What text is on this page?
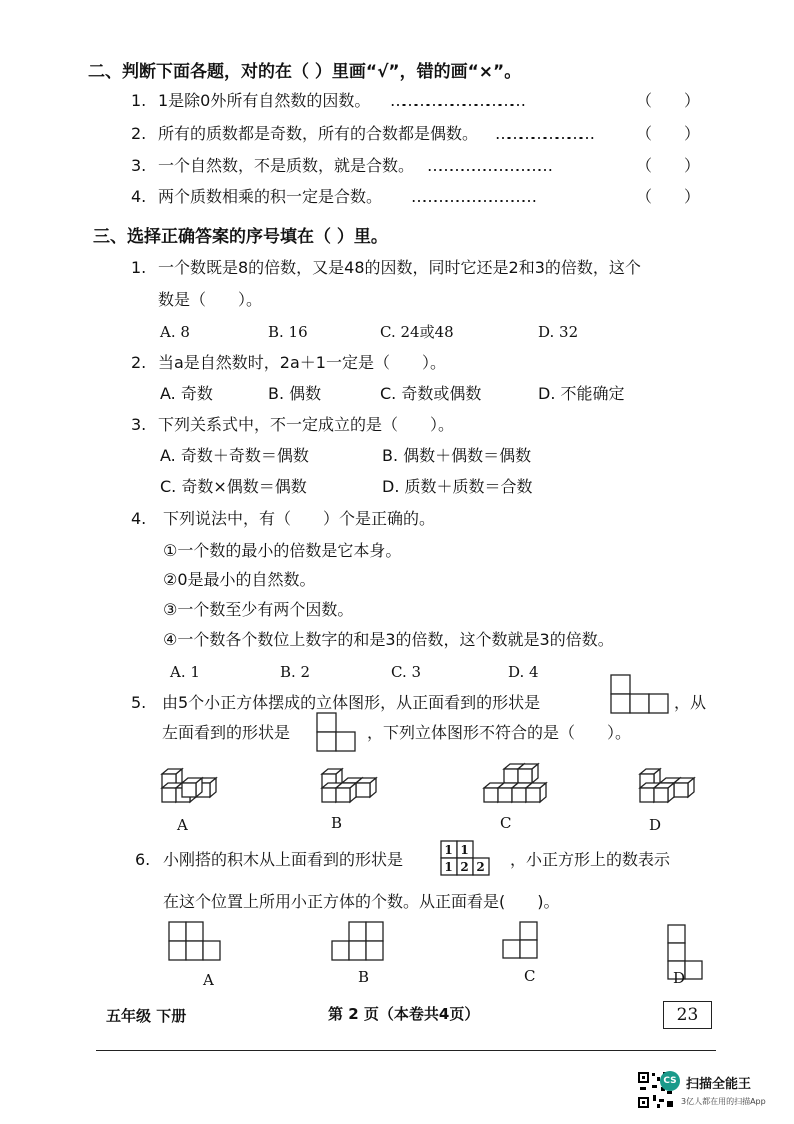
二、判断下面各题，对的在（ ）里画“√”，错的画“×”。
1. 1是除0外所有自然数的因数。 ……………………………	（　　）
2. 所有的质数都是奇数，所有的合数都是偶数。 ……………………	（　　）
3. 一个自然数，不是质数，就是合数。 ……………………………	（　　）
4. 两个质数相乘的积一定是合数。 ……………………………	（　　）
三、选择正确答案的序号填在（ ）里。
1. 一个数既是8的倍数，又是48的因数，同时它还是2和3的倍数，这个
数是（　　）。
A. 8	B. 16	C. 24或48	D. 32
2. 当a是自然数时，2a＋1一定是（　　）。
A. 奇数	B. 偶数	C. 奇数或偶数	D. 不能确定
3. 下列关系式中，不一定成立的是（　　）。
A. 奇数＋奇数＝偶数	B. 偶数＋偶数＝偶数
C. 奇数×偶数＝偶数	D. 质数＋质数＝合数
4. 下列说法中，有（　　）个是正确的。
①一个数的最小的倍数是它本身。
②0是最小的自然数。
③一个数至少有两个因数。
④一个数各个数位上数字的和是3的倍数，这个数就是3的倍数。
A. 1	B. 2	C. 3	D. 4
5. 由5个小正方体摆成的立体图形，从正面看到的形状是	，从
左面看到的形状是	，下列立体图形不符合的是（　　）。
A	B	C	D
6. 小刚搭的积木从上面看到的形状是	1 1
1 2 2 ，小正方形上的数表示
在这个位置上所用小正方体的个数。从正面看是(　　)。
A	B	C	D
五年级 下册	第 2 页（本卷共4页）	23
CS 扫描全能王
3亿人都在用的扫描App
